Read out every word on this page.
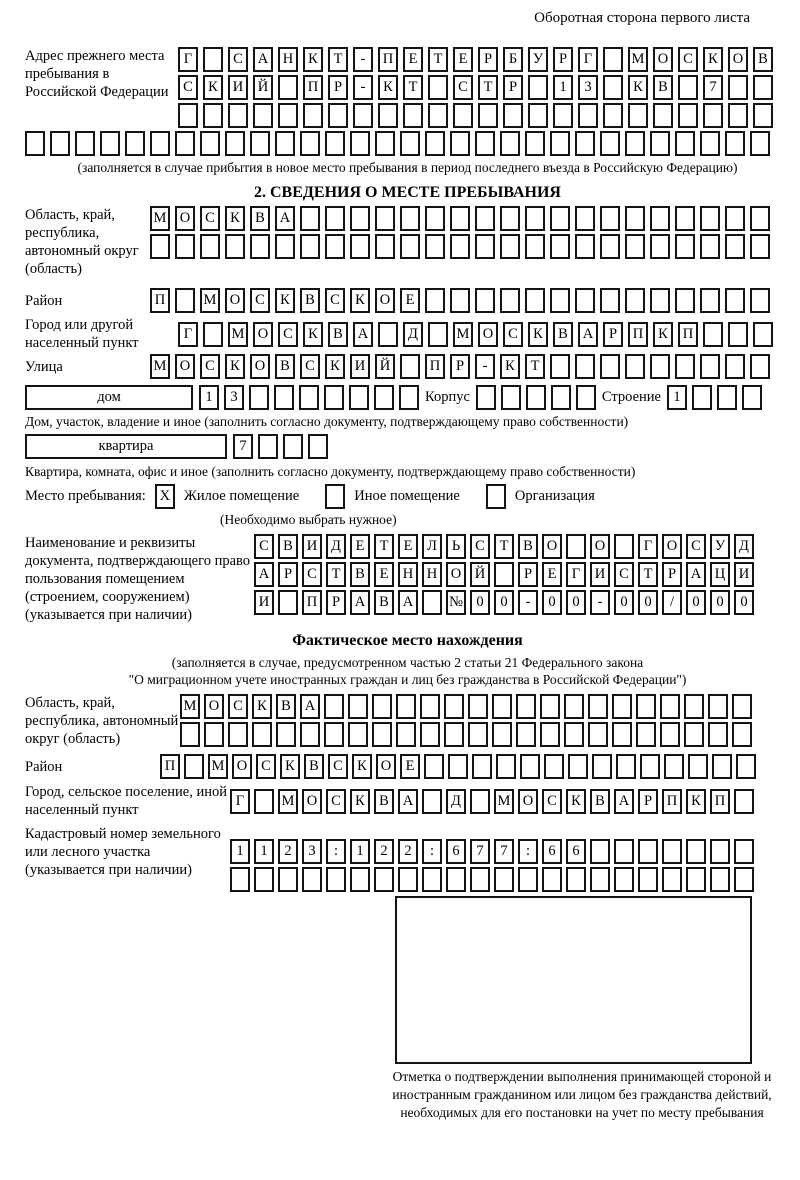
Оборотная сторона первого листа
Адрес прежнего места пребывания в Российской Федерации
Г	С	А	Н	К	Т	-	П	Е	Т	Е	Р	Б	У	Р	Г	М О	С	К	О	В
С	К	И	Й	П	Р	-	К	Т	С	Т	Р	1	3	К	В	7
(заполняется в случае прибытия в новое место пребывания в период последнего въезда в Российскую Федерацию)
2. СВЕДЕНИЯ О МЕСТЕ ПРЕБЫВАНИЯ
Область, край, республика, автономный округ (область)
М О	С	К	В	А
Район	П	М О	С	К	В	С	К	О	Е
Город или другой населенный пункт
Г	М О	С	К	В	А	Д	М О	С	К	В	А	Р	П	К	П
Улица	М О	С	К	О	В	С	К	И	Й	П	Р	-	К	Т
дом	1	3	Корпус	Строение 1
Дом, участок, владение и иное (заполнить согласно документу, подтверждающему право собственности)
квартира	7
Квартира, комната, офис и иное (заполнить согласно документу, подтверждающему право собственности)
Место пребывания: X Жилое помещение	Иное помещение	Организация
(Необходимо выбрать нужное)
Наименование и реквизиты документа, подтверждающего право пользования помещением (строением, сооружением) (указывается при наличии)
С В И Д	Е	Т	Е	Л	Ь	С	Т	В О	О	Г	О С У Д
А	Р	С	Т	В	Е Н Н О Й	Р	Е	Г	И С	Т	Р	А Ц И
И	П	Р	А В А	№ 0	0	-	0	0	-	0	0	/	0	0	0
Фактическое место нахождения
(заполняется в случае, предусмотренном частью 2 статьи 21 Федерального закона
"О миграционном учете иностранных граждан и лиц без гражданства в Российской Федерации")
Область, край, республика, автономный округ (область)
М О С К В А
Район	П	М О С К В С К О Е
Город, сельское поселение, иной населенный пункт
Г	М О С К В А	Д	М О С К В А	Р	П К П
Кадастровый номер земельного или лесного участка (указывается при наличии)
1	1	2	3	:	1	2	2	:	6	7	7	:	6	6
Отметка о подтверждении выполнения принимающей стороной и иностранным гражданином или лицом без гражданства действий, необходимых для его постановки на учет по месту пребывания
